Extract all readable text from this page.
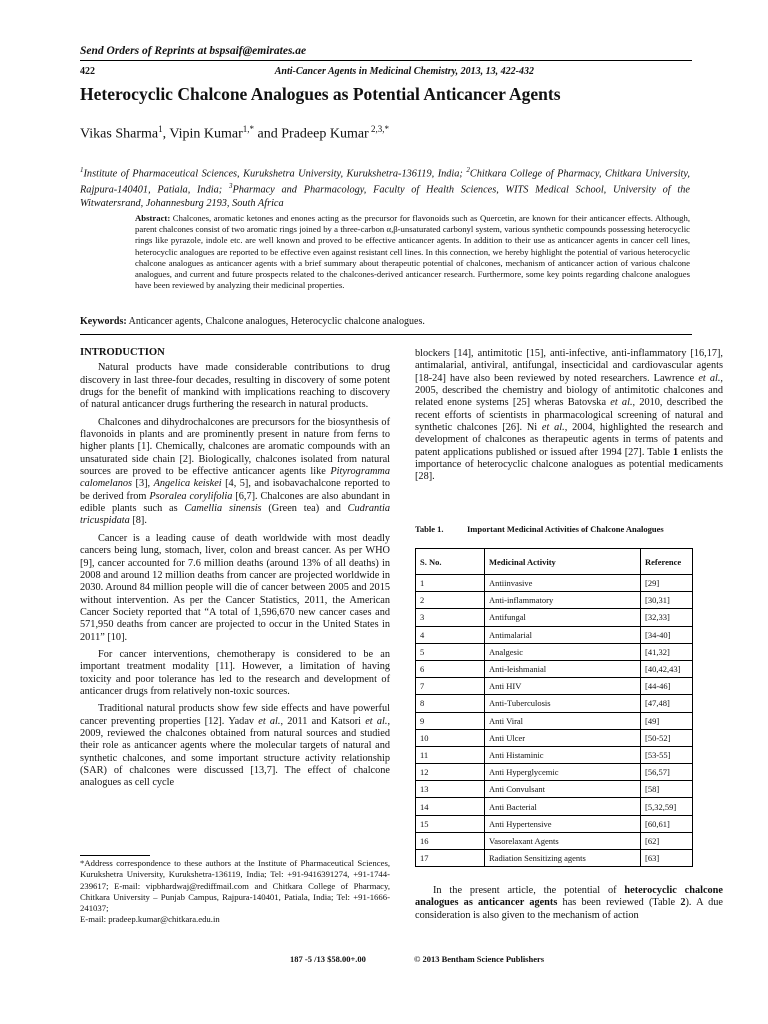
Send Orders of Reprints at bspsaif@emirates.ae
422	Anti-Cancer Agents in Medicinal Chemistry, 2013, 13, 422-432
Heterocyclic Chalcone Analogues as Potential Anticancer Agents
Vikas Sharma$^1$, Vipin Kumar$^{1,*}$ and Pradeep Kumar $^{2,3,*}$
$^1$Institute of Pharmaceutical Sciences, Kurukshetra University, Kurukshetra-136119, India; $^2$Chitkara College of Pharmacy, Chitkara University, Rajpura-140401, Patiala, India; $^3$Pharmacy and Pharmacology, Faculty of Health Sciences, WITS Medical School, University of the Witwatersrand, Johannesburg 2193, South Africa
Abstract: Chalcones, aromatic ketones and enones acting as the precursor for flavonoids such as Quercetin, are known for their anticancer effects. Although, parent chalcones consist of two aromatic rings joined by a three-carbon α,β-unsaturated carbonyl system, various synthetic compounds possessing heterocyclic rings like pyrazole, indole etc. are well known and proved to be effective anticancer agents. In addition to their use as anticancer agents in cancer cell lines, heterocyclic analogues are reported to be effective even against resistant cell lines. In this connection, we hereby highlight the potential of various heterocyclic chalcone analogues as anticancer agents with a brief summary about therapeutic potential of chalcones, mechanism of anticancer action of various chalcone analogues, and current and future prospects related to the chalcones-derived anticancer research. Furthermore, some key points regarding chalcone analogues have been reviewed by analyzing their medicinal properties.
Keywords: Anticancer agents, Chalcone analogues, Heterocyclic chalcone analogues.
INTRODUCTION

Natural products have made considerable contributions to drug discovery in last three-four decades, resulting in discovery of some potent drugs for the benefit of mankind with implications reaching to discovery of natural anticancer drugs furthering the research in natural products.

Chalcones and dihydrochalcones are precursors for the biosynthesis of flavonoids in plants and are prominently present in nature from ferns to higher plants [1]. Chemically, chalcones are aromatic compounds with an unsaturated side chain [2]. Biologically, chalcones isolated from natural sources are proved to be effective anticancer agents like Pityrogramma calomelanos [3], Angelica keiskei [4, 5], and isobavachalcone reported to be derived from Psoralea corylifolia [6,7]. Chalcones are also abundant in edible plants such as Camellia sinensis (Green tea) and Cudrantia tricuspidata [8].

Cancer is a leading cause of death worldwide with most deadly cancers being lung, stomach, liver, colon and breast cancer. As per WHO [9], cancer accounted for 7.6 million deaths (around 13% of all deaths) in 2008 and around 12 million deaths from cancer are projected worldwide in 2030. Around 84 million people will die of cancer between 2005 and 2015 without intervention. As per the Cancer Statistics, 2011, the American Cancer Society reported that “A total of 1,596,670 new cancer cases and 571,950 deaths from cancer are projected to occur in the United States in 2011” [10].

For cancer interventions, chemotherapy is considered to be an important treatment modality [11]. However, a limitation of having toxicity and poor tolerance has led to the research and development of anticancer drugs from relatively non-toxic sources.

Traditional natural products show few side effects and have powerful cancer preventing properties [12]. Yadav et al., 2011 and Katsori et al., 2009, reviewed the chalcones obtained from natural sources and studied their role as anticancer agents where the molecular targets of natural and synthetic chalcones, and some important structure activity relationship (SAR) of chalcones were discussed [13,7]. The effect of chalcone analogues as cell cycle

blockers [14], antimitotic [15], anti-infective, anti-inflammatory [16,17], antimalarial, antiviral, antifungal, insecticidal and cardiovascular agents [18-24] have also been reviewed by noted researchers. Lawrence et al., 2005, described the chemistry and biology of antimitotic chalcones and related enone systems [25] wheras Batovska et al., 2010, described the recent efforts of scientists in pharmacological screening of natural and synthetic chalcones [26]. Ni et al., 2004, highlighted the research and development of chalcones as therapeutic agents in terms of patents and patent applications published or issued after 1994 [27]. Table 1 enlists the importance of heterocyclic chalcone analogues as potential medicaments [28].

Table 1.	Important Medicinal Activities of Chalcone Analogues
S. No.	Medicinal Activity	Reference
1	Antiinvasive	[29]
2	Anti-inflammatory	[30,31]
3	Antifungal	[32,33]
4	Antimalarial	[34-40]
5	Analgesic	[41,32]
6	Anti-leishmanial	[40,42,43]
7	Anti HIV	[44-46]
8	Anti-Tuberculosis	[47,48]
9	Anti Viral	[49]
10	Anti Ulcer	[50-52]
11	Anti Histaminic	[53-55]
12	Anti Hyperglycemic	[56,57]
13	Anti Convulsant	[58]
14	Anti Bacterial	[5,32,59]
15	Anti Hypertensive	[60,61]
16	Vasorelaxant Agents	[62]
17	Radiation Sensitizing agents	[63]

In the present article, the potential of heterocyclic chalcone analogues as anticancer agents has been reviewed (Table 2). A due consideration is also given to the mechanism of action

*Address correspondence to these authors at the Institute of Pharmaceutical Sciences, Kurukshetra University, Kurukshetra-136119, India; Tel: +91-9416391274, +91-1744-239617; E-mail: vipbhardwaj@rediffmail.com and Chitkara College of Pharmacy, Chitkara University – Punjab Campus, Rajpura-140401, Patiala, India; Tel: +91-1666-241037;
E-mail: pradeep.kumar@chitkara.edu.in
187 -5 /13 $58.00+.00	© 2013 Bentham Science Publishers
